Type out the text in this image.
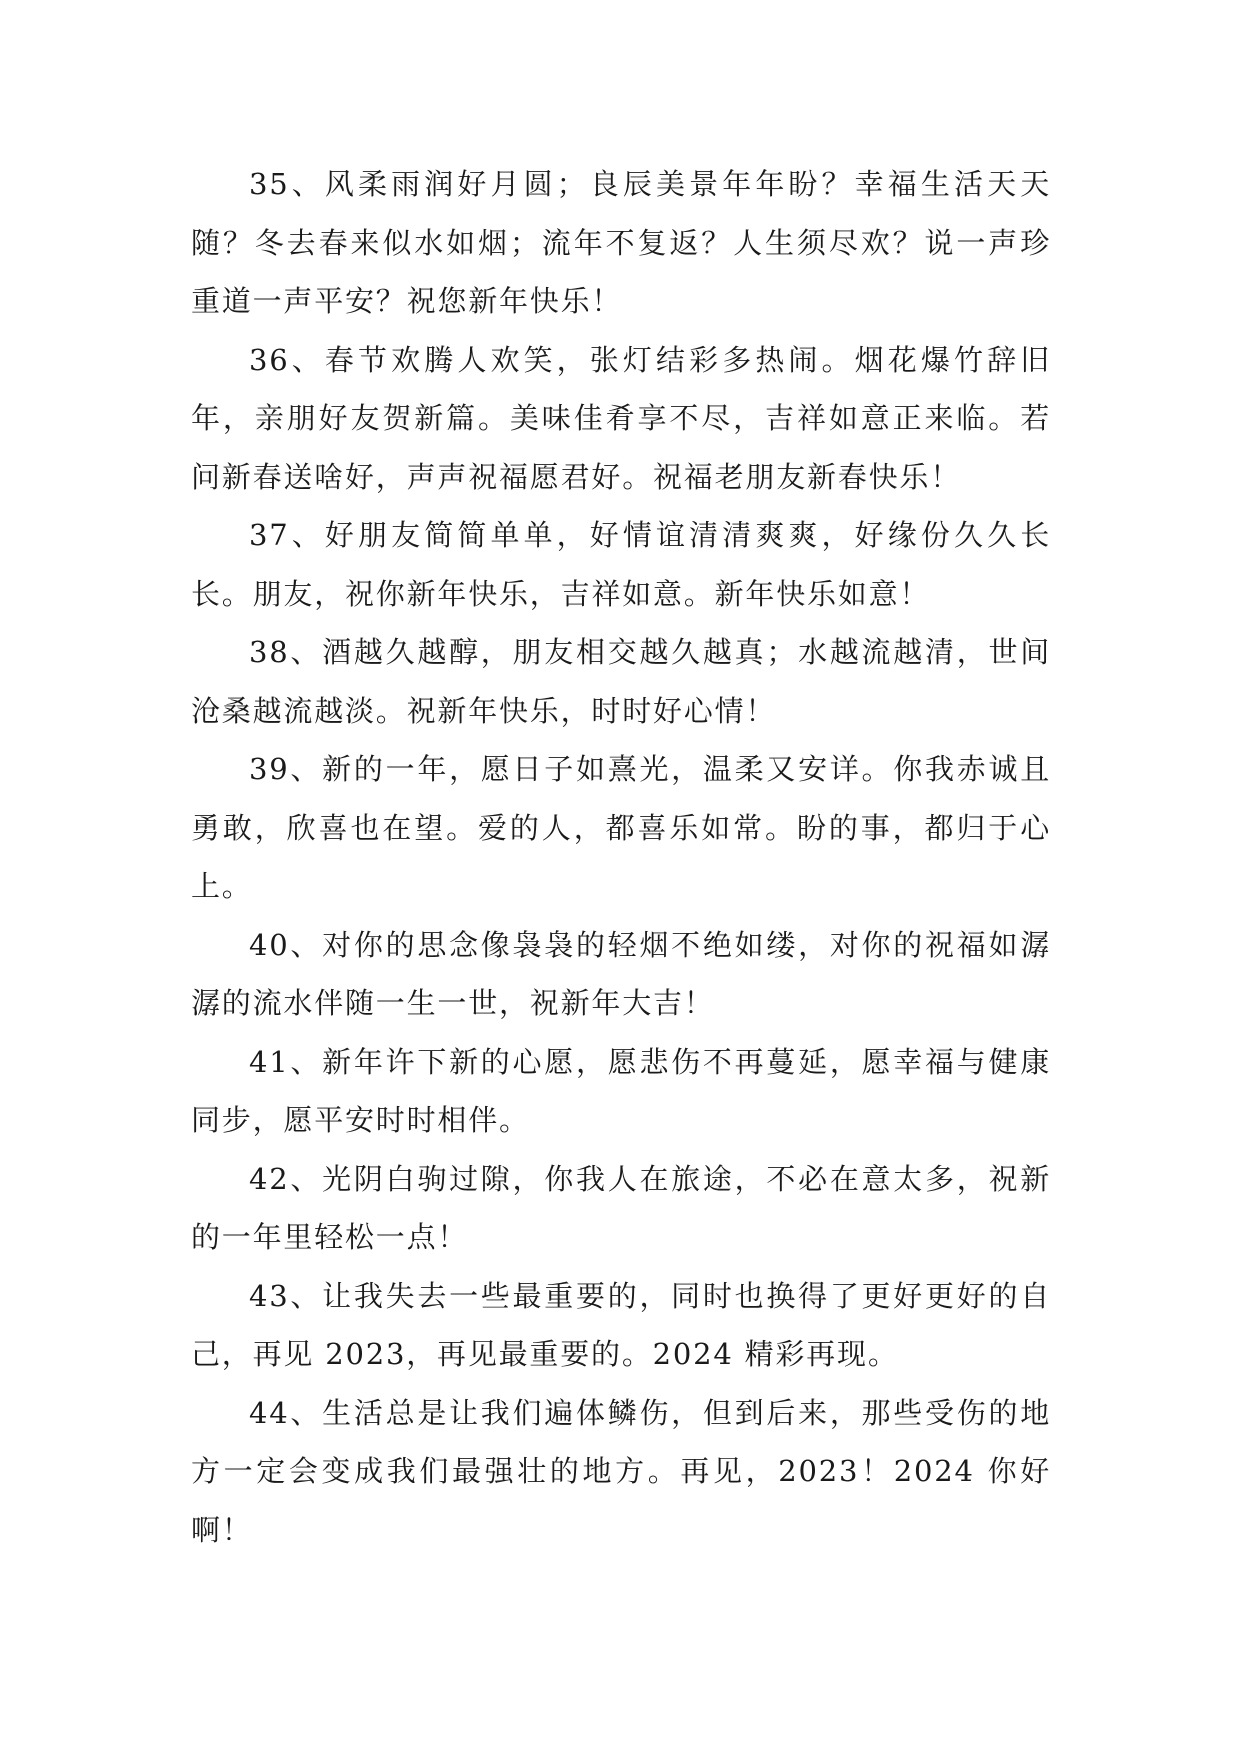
35、风柔雨润好月圆；良辰美景年年盼？幸福生活天天随？冬去春来似水如烟；流年不复返？人生须尽欢？说一声珍重道一声平安？祝您新年快乐！

36、春节欢腾人欢笑，张灯结彩多热闹。烟花爆竹辞旧年，亲朋好友贺新篇。美味佳肴享不尽，吉祥如意正来临。若问新春送啥好，声声祝福愿君好。祝福老朋友新春快乐！

37、好朋友简简单单，好情谊清清爽爽，好缘份久久长长。朋友，祝你新年快乐，吉祥如意。新年快乐如意！

38、酒越久越醇，朋友相交越久越真；水越流越清，世间沧桑越流越淡。祝新年快乐，时时好心情！

39、新的一年，愿日子如熹光，温柔又安详。你我赤诚且勇敢，欣喜也在望。爱的人，都喜乐如常。盼的事，都归于心上。

40、对你的思念像袅袅的轻烟不绝如缕，对你的祝福如潺潺的流水伴随一生一世，祝新年大吉！

41、新年许下新的心愿，愿悲伤不再蔓延，愿幸福与健康同步，愿平安时时相伴。

42、光阴白驹过隙，你我人在旅途，不必在意太多，祝新的一年里轻松一点！

43、让我失去一些最重要的，同时也换得了更好更好的自己，再见 2023，再见最重要的。2024 精彩再现。

44、生活总是让我们遍体鳞伤，但到后来，那些受伤的地方一定会变成我们最强壮的地方。再见，2023！2024 你好啊！
